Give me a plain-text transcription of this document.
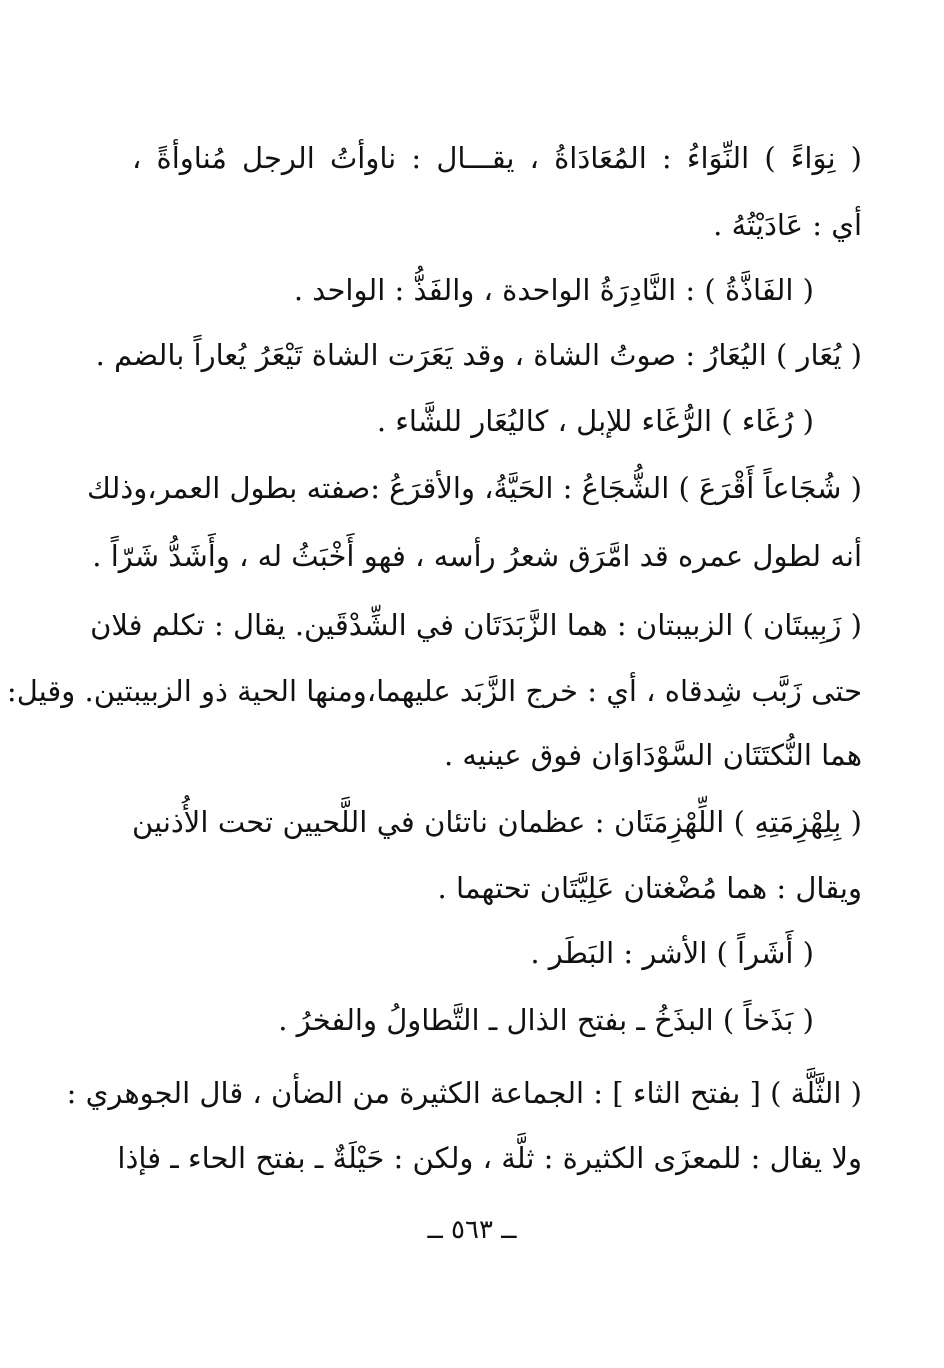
( نِوَاءً ) النِّوَاءُ : المُعَادَاةُ ، يقـــال : ناوأتُ الرجل مُناوأةً ،
أي : عَادَيْتُهُ .
( الفَاذَّةُ ) : النَّادِرَةُ الواحدة ، والفَذُّ : الواحد .
( يُعَار ) اليُعَارُ : صوتُ الشاة ، وقد يَعَرَت الشاة تَيْعَرُ يُعاراً بالضم .
( رُغَاء ) الرُّغَاء للإبل ، كاليُعَار للشَّاء .
( شُجَاعاً أَقْرَعَ ) الشُّجَاعُ : الحَيَّةُ، والأقرَعُ :صفته بطول العمر،وذلك
أنه لطول عمره قد امَّرَق شعرُ رأسه ، فهو أَخْبَثُ له ، وأَشَدُّ شَرّاً .
( زَبِيبتَان ) الزبيبتان : هما الزَّبَدَتَان في الشِّدْقَين. يقال : تكلم فلان
حتى زَبَّب شِدقاه ، أي : خرج الزَّبَد عليهما،ومنها الحية ذو الزبيبتين. وقيل:
هما النُّكتَتَان السَّوْدَاوَان فوق عينيه .
( بِلِهْزِمَتِهِ ) اللِّهْزِمَتَان : عظمان ناتئان في اللَّحيين تحت الأُذنين
ويقال : هما مُضْغتان عَلِيَّتَان تحتهما .
( أَشَراً ) الأشر : البَطَر .
( بَذَخاً ) البذَخُ ـ بفتح الذال ـ التَّطاولُ والفخرُ .
( الثَّلَّة ) [ بفتح الثاء ] : الجماعة الكثيرة من الضأن ، قال الجوهري :
ولا يقال : للمعزَى الكثيرة : ثلَّة ، ولكن : حَيْلَةٌ ـ بفتح الحاء ـ فإذا
ــ ٥٦٣ ــ
